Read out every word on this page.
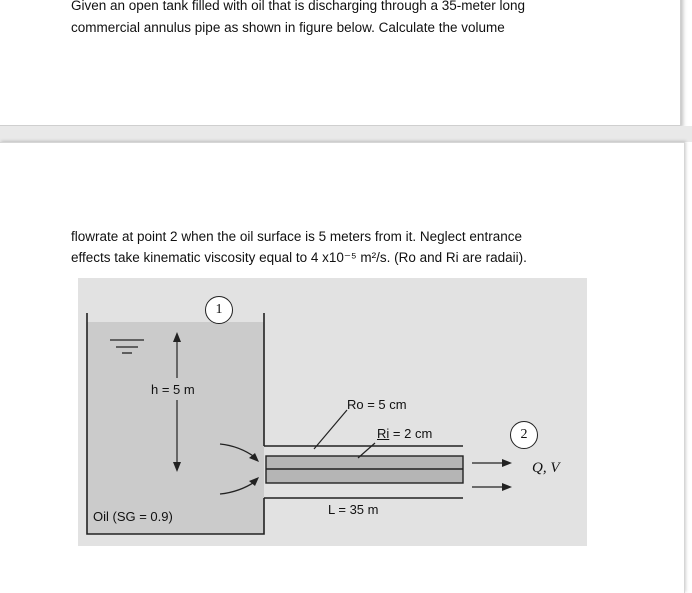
Given an open tank filled with oil that is discharging through a 35-meter long
commercial annulus pipe as shown in figure below. Calculate the volume
flowrate at point 2 when the oil surface is 5 meters from it. Neglect entrance
effects take kinematic viscosity equal to 4 x10⁻⁵ m²/s. (Ro and Ri are radaii).
1
2
h = 5 m
Ro = 5 cm
Ri = 2 cm
Q, V
Oil (SG = 0.9)	L = 35 m
